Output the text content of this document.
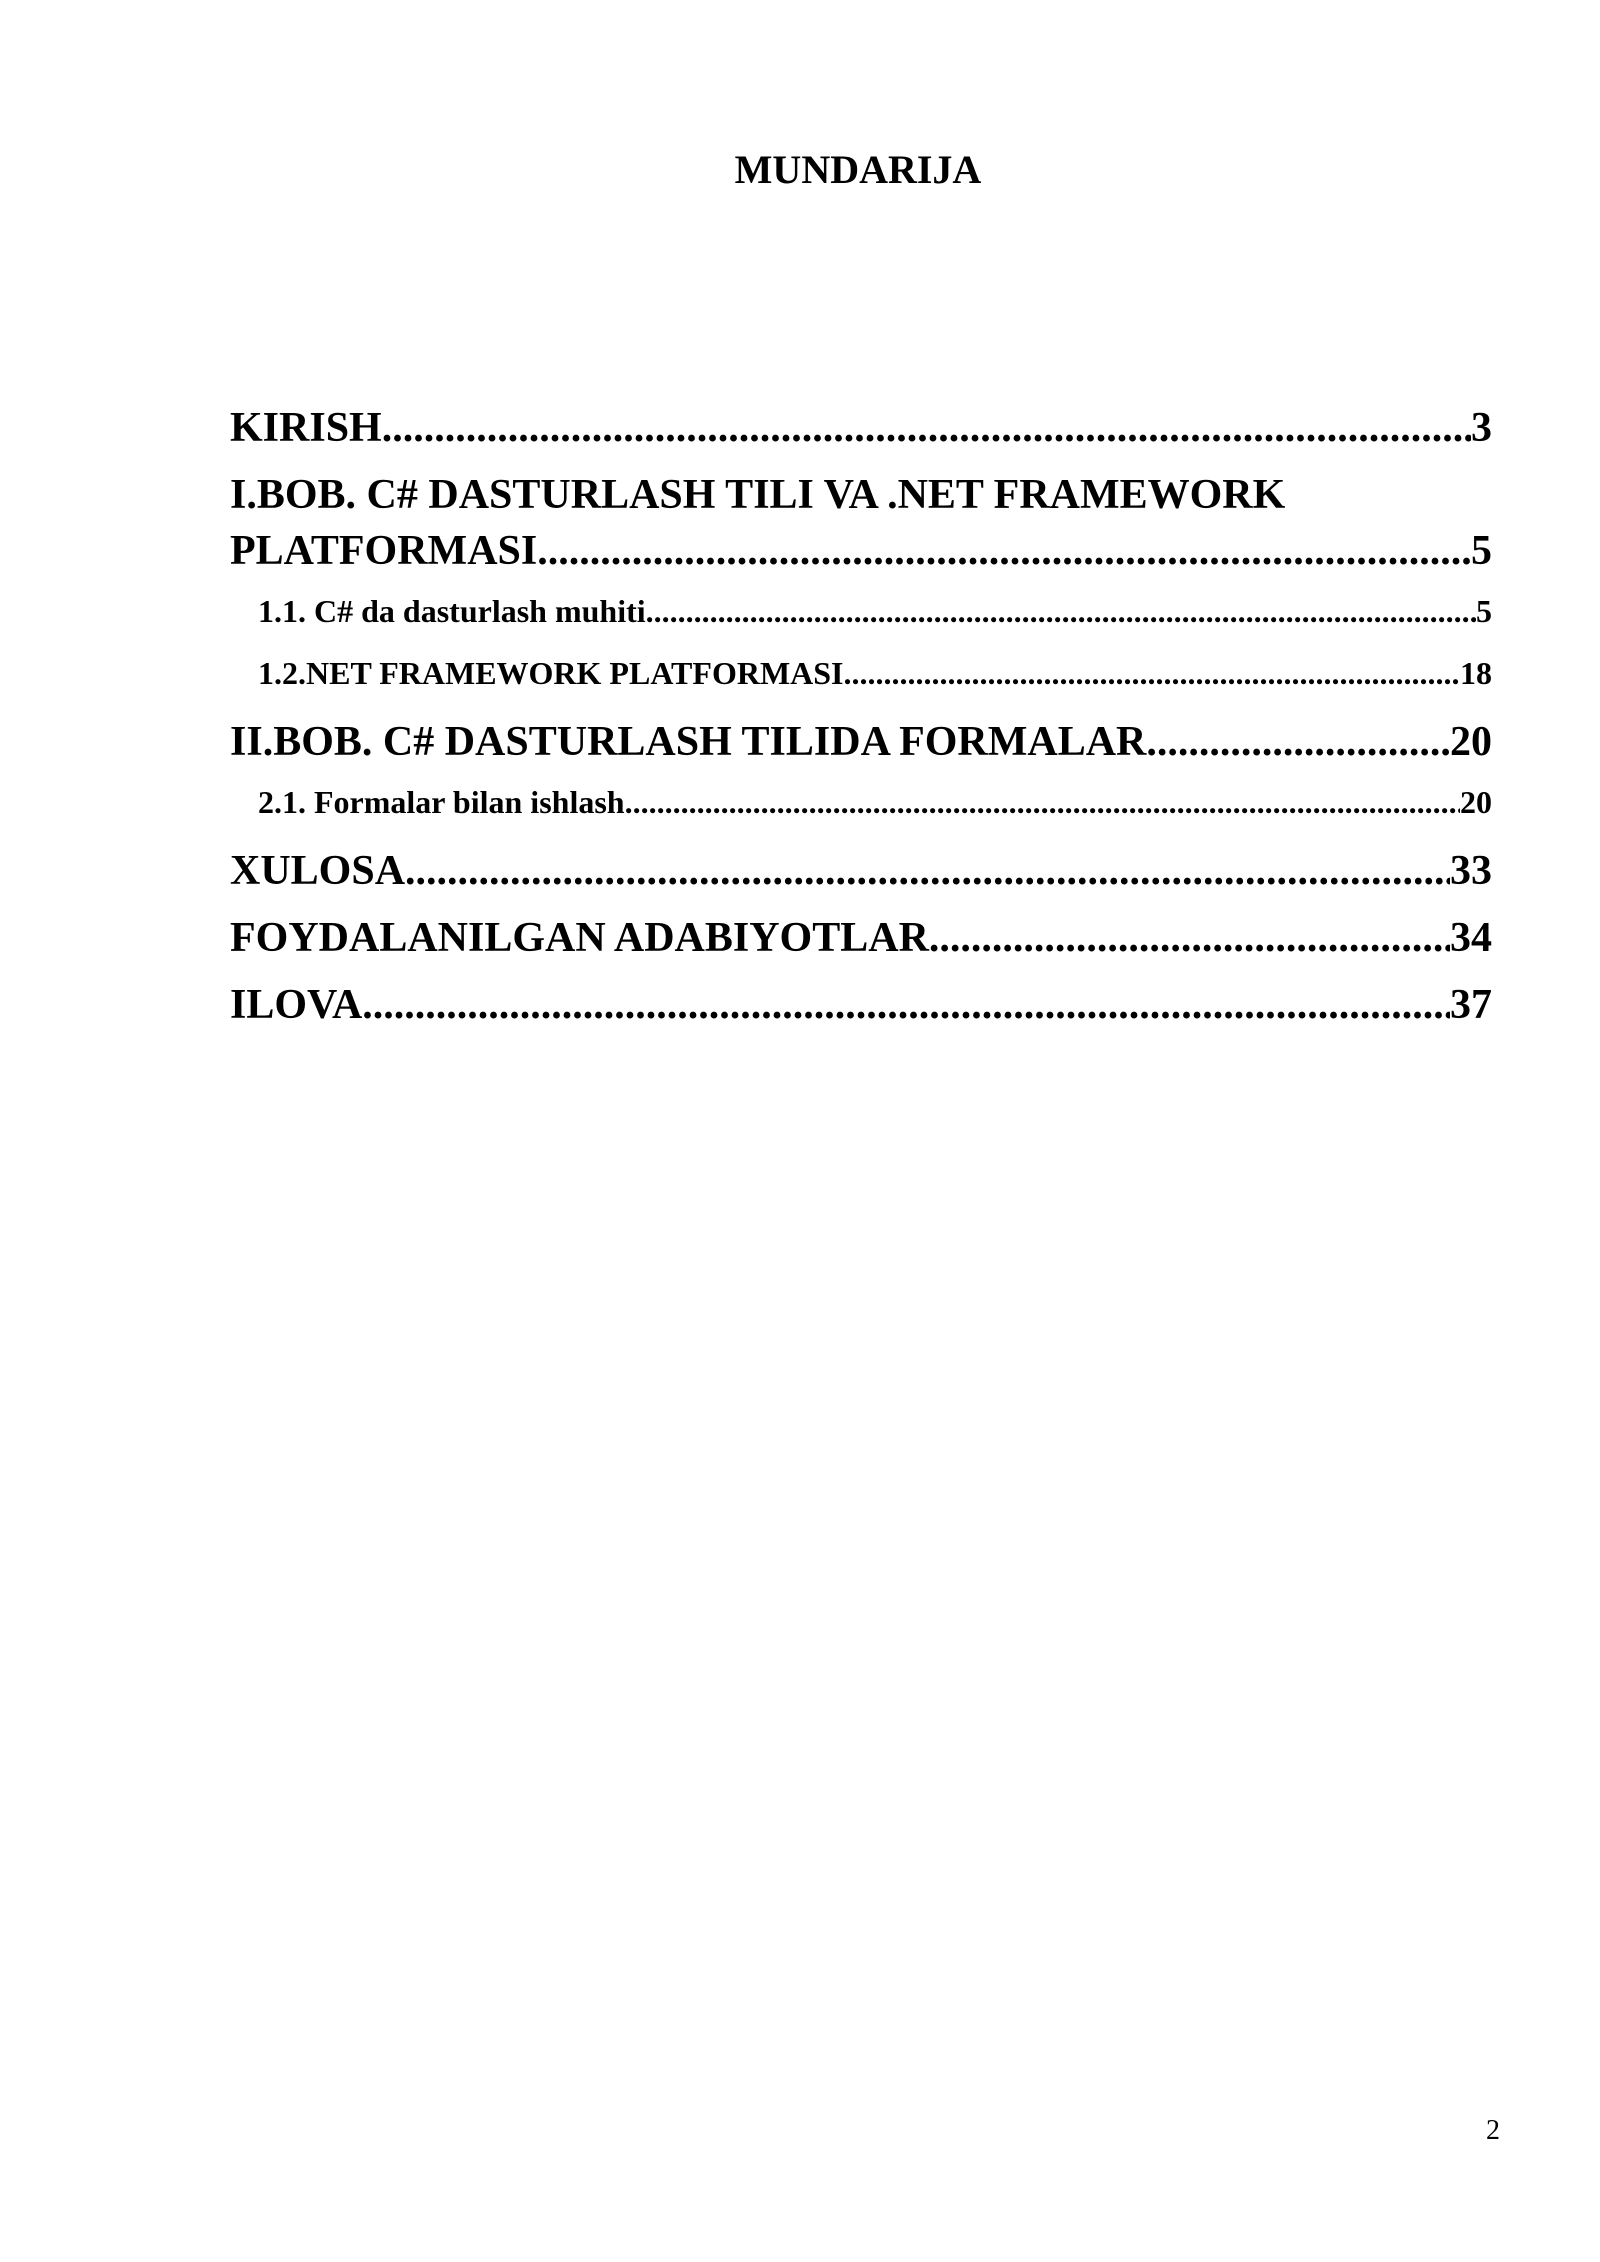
MUNDARIJA
KIRISH .....	3
I.BOB. C# DASTURLASH TILI VA .NET FRAMEWORK
PLATFORMASI .....	5
1.1. C# da dasturlash muhiti .....	5
1.2.NET FRAMEWORK PLATFORMASI .....	18
II.BOB. C# DASTURLASH TILIDA FORMALAR .....	20
2.1. Formalar bilan ishlash .....	20
XULOSA .....	33
FOYDALANILGAN ADABIYOTLAR .....	34
ILOVA .....	37
2
